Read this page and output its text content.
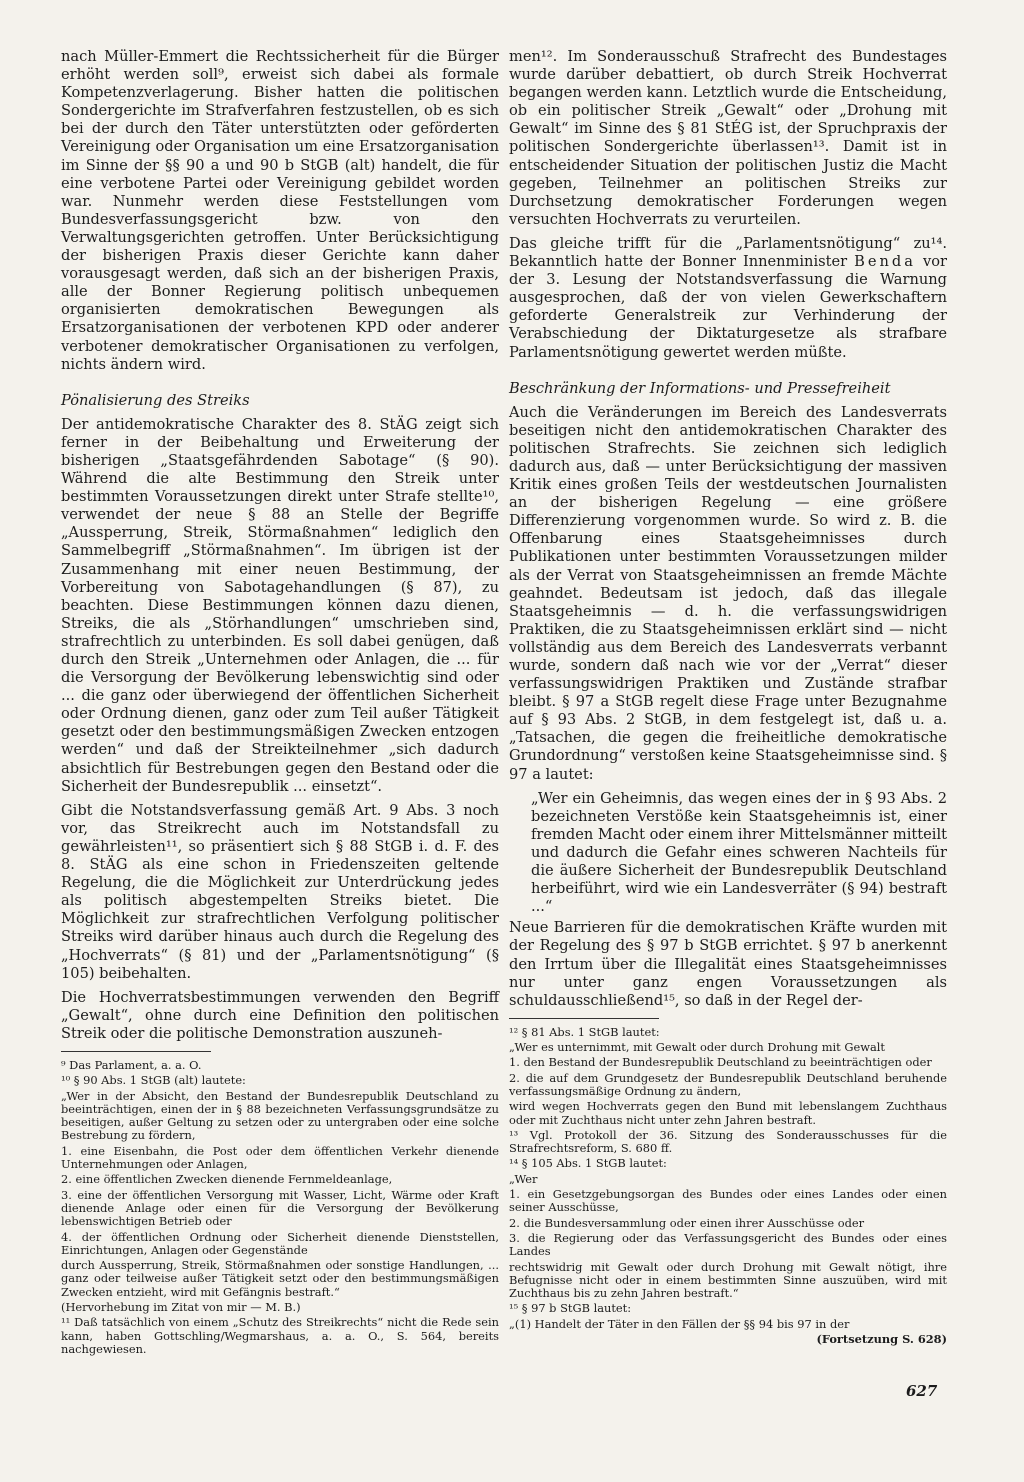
nach Müller-Emmert die Rechtssicherheit für die Bürger erhöht werden soll⁹, erweist sich dabei als formale Kompetenzverlagerung. Bisher hatten die politischen Sondergerichte im Strafverfahren festzustellen, ob es sich bei der durch den Täter unterstützten oder geförderten Vereinigung oder Organisation um eine Ersatzorganisation im Sinne der §§ 90 a und 90 b StGB (alt) handelt, die für eine verbotene Partei oder Vereinigung gebildet worden war. Nunmehr werden diese Feststellungen vom Bundesverfassungsgericht bzw. von den Verwaltungsgerichten getroffen. Unter Berücksichtigung der bisherigen Praxis dieser Gerichte kann daher vorausgesagt werden, daß sich an der bisherigen Praxis, alle der Bonner Regierung politisch unbequemen organisierten demokratischen Bewegungen als Ersatzorganisationen der verbotenen KPD oder anderer verbotener demokratischer Organisationen zu verfolgen, nichts ändern wird.

Pönalisierung des Streiks

Der antidemokratische Charakter des 8. StÄG zeigt sich ferner in der Beibehaltung und Erweiterung der bisherigen „Staatsgefährdenden Sabotage“ (§ 90). Während die alte Bestimmung den Streik unter bestimmten Voraussetzungen direkt unter Strafe stellte¹⁰, verwendet der neue § 88 an Stelle der Begriffe „Aussperrung, Streik, Störmaßnahmen“ lediglich den Sammelbegriff „Störmaßnahmen“. Im übrigen ist der Zusammenhang mit einer neuen Bestimmung, der Vorbereitung von Sabotagehandlungen (§ 87), zu beachten. Diese Bestimmungen können dazu dienen, Streiks, die als „Störhandlungen“ umschrieben sind, strafrechtlich zu unterbinden. Es soll dabei genügen, daß durch den Streik „Unternehmen oder Anlagen, die ... für die Versorgung der Bevölkerung lebenswichtig sind oder ... die ganz oder überwiegend der öffentlichen Sicherheit oder Ordnung dienen, ganz oder zum Teil außer Tätigkeit gesetzt oder den bestimmungsmäßigen Zwecken entzogen werden“ und daß der Streikteilnehmer „sich dadurch absichtlich für Bestrebungen gegen den Bestand oder die Sicherheit der Bundesrepublik ... einsetzt“.

Gibt die Notstandsverfassung gemäß Art. 9 Abs. 3 noch vor, das Streikrecht auch im Notstandsfall zu gewährleisten¹¹, so präsentiert sich § 88 StGB i. d. F. des 8. StÄG als eine schon in Friedenszeiten geltende Regelung, die die Möglichkeit zur Unterdrückung jedes als politisch abgestempelten Streiks bietet. Die Möglichkeit zur strafrechtlichen Verfolgung politischer Streiks wird darüber hinaus auch durch die Regelung des „Hochverrats“ (§ 81) und der „Parlamentsnötigung“ (§ 105) beibehalten.

Die Hochverratsbestimmungen verwenden den Begriff „Gewalt“, ohne durch eine Definition den politischen Streik oder die politische Demonstration auszuneh-

⁹ Das Parlament, a. a. O.

¹⁰ § 90 Abs. 1 StGB (alt) lautete:

„Wer in der Absicht, den Bestand der Bundesrepublik Deutschland zu beeinträchtigen, einen der in § 88 bezeichneten Verfassungsgrundsätze zu beseitigen, außer Geltung zu setzen oder zu untergraben oder eine solche Bestrebung zu fördern,

1. eine Eisenbahn, die Post oder dem öffentlichen Verkehr dienende Unternehmungen oder Anlagen,

2. eine öffentlichen Zwecken dienende Fernmeldeanlage,

3. eine der öffentlichen Versorgung mit Wasser, Licht, Wärme oder Kraft dienende Anlage oder einen für die Versorgung der Bevölkerung lebenswichtigen Betrieb oder

4. der öffentlichen Ordnung oder Sicherheit dienende Dienststellen, Einrichtungen, Anlagen oder Gegenstände

durch Aussperrung, Streik, Störmaßnahmen oder sonstige Handlungen, ... ganz oder teilweise außer Tätigkeit setzt oder den bestimmungsmäßigen Zwecken entzieht, wird mit Gefängnis bestraft.“

(Hervorhebung im Zitat von mir — M. B.)

¹¹ Daß tatsächlich von einem „Schutz des Streikrechts“ nicht die Rede sein kann, haben Gottschling/Wegmarshaus, a. a. O., S. 564, bereits nachgewiesen.

men¹². Im Sonderausschuß Strafrecht des Bundestages wurde darüber debattiert, ob durch Streik Hochverrat begangen werden kann. Letztlich wurde die Entscheidung, ob ein politischer Streik „Gewalt“ oder „Drohung mit Gewalt“ im Sinne des § 81 StÉG ist, der Spruchpraxis der politischen Sondergerichte überlassen¹³. Damit ist in entscheidender Situation der politischen Justiz die Macht gegeben, Teilnehmer an politischen Streiks zur Durchsetzung demokratischer Forderungen wegen versuchten Hochverrats zu verurteilen.

Das gleiche trifft für die „Parlamentsnötigung“ zu¹⁴. Bekanntlich hatte der Bonner Innenminister Benda vor der 3. Lesung der Notstandsverfassung die Warnung ausgesprochen, daß der von vielen Gewerkschaftern geforderte Generalstreik zur Verhinderung der Verabschiedung der Diktaturgesetze als strafbare Parlamentsnötigung gewertet werden müßte.

Beschränkung der Informations- und Pressefreiheit

Auch die Veränderungen im Bereich des Landesverrats beseitigen nicht den antidemokratischen Charakter des politischen Strafrechts. Sie zeichnen sich lediglich dadurch aus, daß — unter Berücksichtigung der massiven Kritik eines großen Teils der westdeutschen Journalisten an der bisherigen Regelung — eine größere Differenzierung vorgenommen wurde. So wird z. B. die Offenbarung eines Staatsgeheimnisses durch Publikationen unter bestimmten Voraussetzungen milder als der Verrat von Staatsgeheimnissen an fremde Mächte geahndet. Bedeutsam ist jedoch, daß das illegale Staatsgeheimnis — d. h. die verfassungswidrigen Praktiken, die zu Staatsgeheimnissen erklärt sind — nicht vollständig aus dem Bereich des Landesverrats verbannt wurde, sondern daß nach wie vor der „Verrat“ dieser verfassungswidrigen Praktiken und Zustände strafbar bleibt. § 97 a StGB regelt diese Frage unter Bezugnahme auf § 93 Abs. 2 StGB, in dem festgelegt ist, daß u. a. „Tatsachen, die gegen die freiheitliche demokratische Grundordnung“ verstoßen keine Staatsgeheimnisse sind. § 97 a lautet:

„Wer ein Geheimnis, das wegen eines der in § 93 Abs. 2 bezeichneten Verstöße kein Staatsgeheimnis ist, einer fremden Macht oder einem ihrer Mittelsmänner mitteilt und dadurch die Gefahr eines schweren Nachteils für die äußere Sicherheit der Bundesrepublik Deutschland herbeiführt, wird wie ein Landesverräter (§ 94) bestraft ...“

Neue Barrieren für die demokratischen Kräfte wurden mit der Regelung des § 97 b StGB errichtet. § 97 b anerkennt den Irrtum über die Illegalität eines Staatsgeheimnisses nur unter ganz engen Voraussetzungen als schuldausschließend¹⁵, so daß in der Regel der-

¹² § 81 Abs. 1 StGB lautet:

„Wer es unternimmt, mit Gewalt oder durch Drohung mit Gewalt

1. den Bestand der Bundesrepublik Deutschland zu beeinträchtigen oder

2. die auf dem Grundgesetz der Bundesrepublik Deutschland beruhende verfassungsmäßige Ordnung zu ändern,

wird wegen Hochverrats gegen den Bund mit lebenslangem Zuchthaus oder mit Zuchthaus nicht unter zehn Jahren bestraft.

¹³ Vgl. Protokoll der 36. Sitzung des Sonderausschusses für die Strafrechtsreform, S. 680 ff.

¹⁴ § 105 Abs. 1 StGB lautet:

„Wer

1. ein Gesetzgebungsorgan des Bundes oder eines Landes oder einen seiner Ausschüsse,

2. die Bundesversammlung oder einen ihrer Ausschüsse oder

3. die Regierung oder das Verfassungsgericht des Bundes oder eines Landes

rechtswidrig mit Gewalt oder durch Drohung mit Gewalt nötigt, ihre Befugnisse nicht oder in einem bestimmten Sinne auszuüben, wird mit Zuchthaus bis zu zehn Jahren bestraft.“

¹⁵ § 97 b StGB lautet:

„(1) Handelt der Täter in den Fällen der §§ 94 bis 97 in der

(Fortsetzung S. 628)
627
